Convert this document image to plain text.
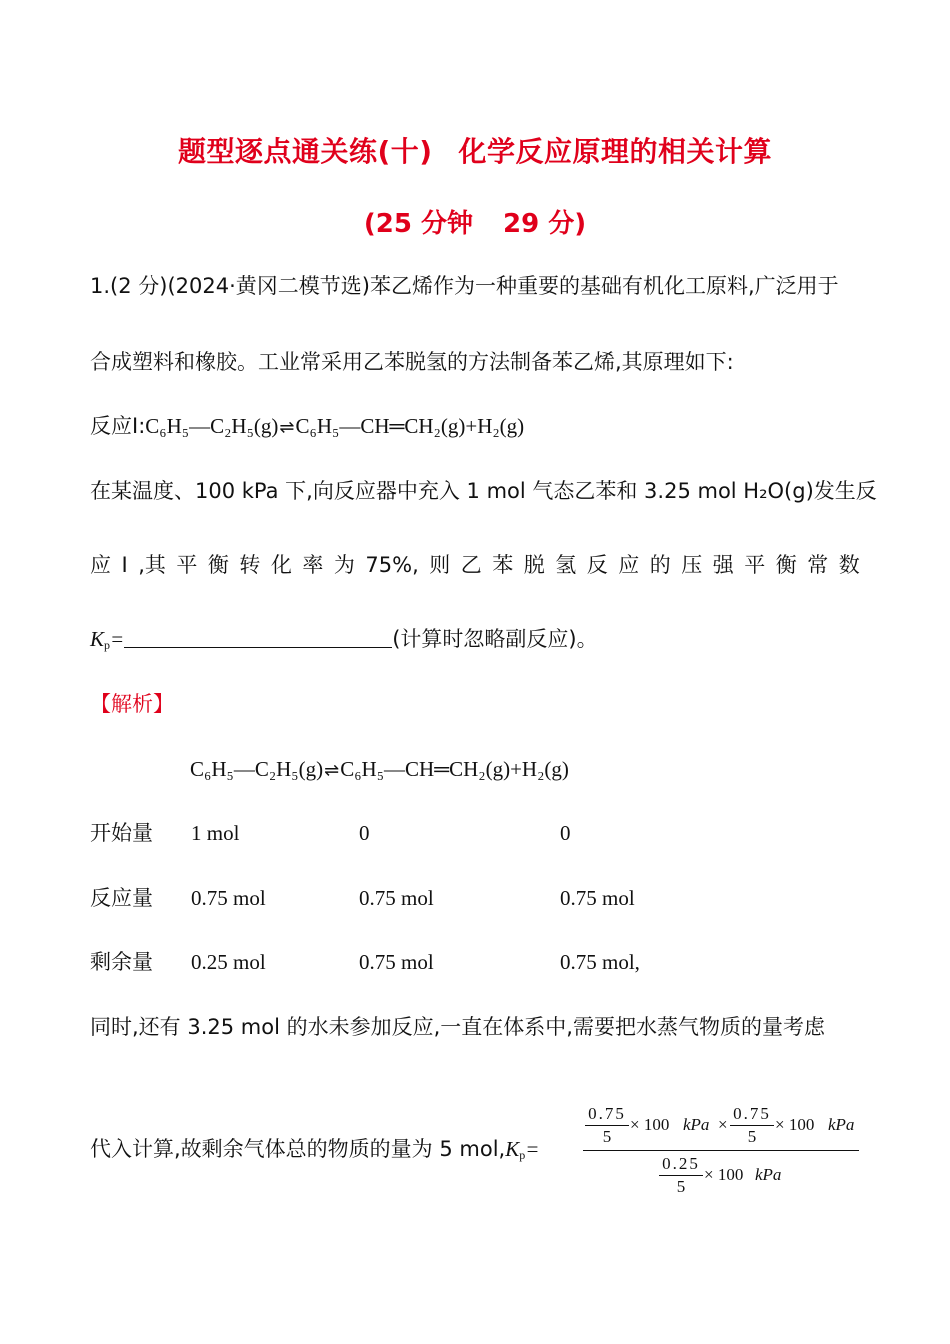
题型逐点通关练(十) 化学反应原理的相关计算
(25 分钟 29 分)
1.(2 分)(2024·黄冈二模节选)苯乙烯作为一种重要的基础有机化工原料,广泛用于
合成塑料和橡胶。工业常采用乙苯脱氢的方法制备苯乙烯,其原理如下:
反应Ⅰ:C₆H₅—C₂H₅(g)⇌C₆H₅—CH═CH₂(g)+H₂(g)
在某温度、100 kPa 下,向反应器中充入 1 mol 气态乙苯和 3.25 mol H₂O(g)发生反
应 Ⅰ ,其 平 衡 转 化 率 为 75%, 则 乙 苯 脱 氢 反 应 的 压 强 平 衡 常 数
$K_p=$	(计算时忽略副反应)。
【解析】
C₆H₅—C₂H₅(g)⇌C₆H₅—CH═CH₂(g)+H₂(g)
开始量 1 mol	0	0
反应量 0.75 mol	0.75 mol	0.75 mol
剩余量 0.25 mol	0.75 mol	0.75 mol,
同时,还有 3.25 mol 的水未参加反应,一直在体系中,需要把水蒸气物质的量考虑
代入计算,故剩余气体总的物质的量为 5 $mol,K_p=$
0.75
5
× 100 kPa ×
0.75
5
× 100 kPa
0.25
5
× 100 kPa
